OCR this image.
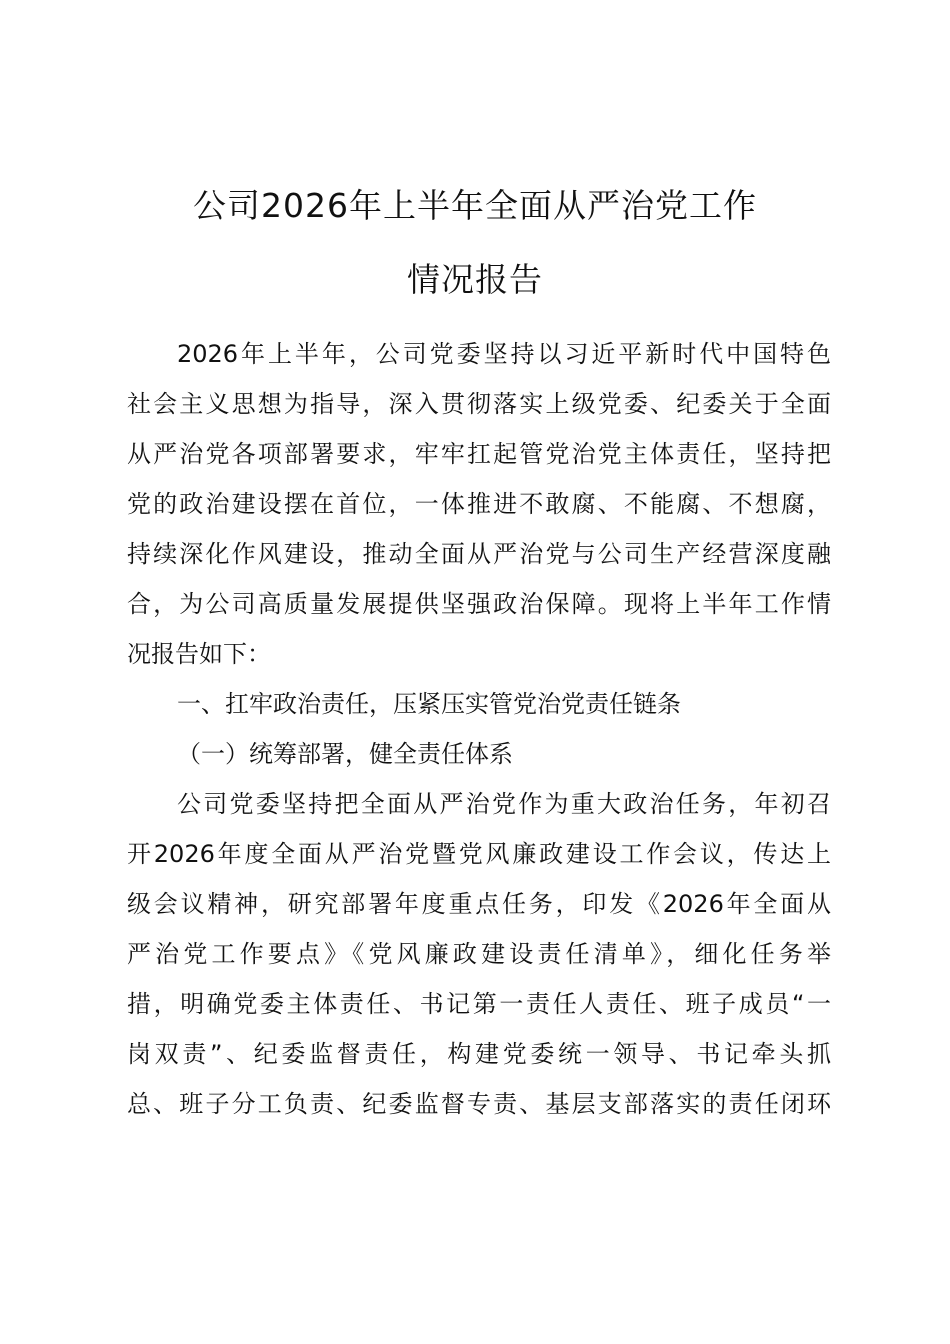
公司2026年上半年全面从严治党工作
情况报告
2026年上半年，公司党委坚持以习近平新时代中国特色
社会主义思想为指导，深入贯彻落实上级党委、纪委关于全面
从严治党各项部署要求，牢牢扛起管党治党主体责任，坚持把
党的政治建设摆在首位，一体推进不敢腐、不能腐、不想腐，
持续深化作风建设，推动全面从严治党与公司生产经营深度融
合，为公司高质量发展提供坚强政治保障。现将上半年工作情
况报告如下：
一、扛牢政治责任，压紧压实管党治党责任链条
（一）统筹部署，健全责任体系
公司党委坚持把全面从严治党作为重大政治任务，年初召
开2026年度全面从严治党暨党风廉政建设工作会议，传达上
级会议精神，研究部署年度重点任务，印发《2026年全面从
严治党工作要点》《党风廉政建设责任清单》，细化任务举
措，明确党委主体责任、书记第一责任人责任、班子成员“一
岗双责”、纪委监督责任，构建党委统一领导、书记牵头抓
总、班子分工负责、纪委监督专责、基层支部落实的责任闭环
